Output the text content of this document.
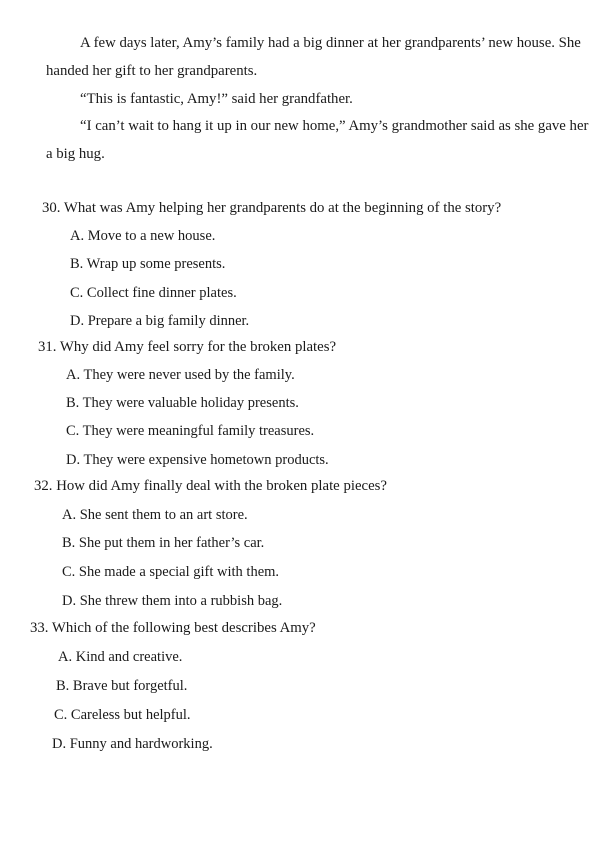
A few days later, Amy’s family had a big dinner at her grandparents’ new house. She
handed her gift to her grandparents.
“This is fantastic, Amy!” said her grandfather.
“I can’t wait to hang it up in our new home,” Amy’s grandmother said as she gave her
a big hug.
30. What was Amy helping her grandparents do at the beginning of the story?
A. Move to a new house.
B. Wrap up some presents.
C. Collect fine dinner plates.
D. Prepare a big family dinner.
31. Why did Amy feel sorry for the broken plates?
A. They were never used by the family.
B. They were valuable holiday presents.
C. They were meaningful family treasures.
D. They were expensive hometown products.
32. How did Amy finally deal with the broken plate pieces?
A. She sent them to an art store.
B. She put them in her father’s car.
C. She made a special gift with them.
D. She threw them into a rubbish bag.
33. Which of the following best describes Amy?
A. Kind and creative.
B. Brave but forgetful.
C. Careless but helpful.
D. Funny and hardworking.
